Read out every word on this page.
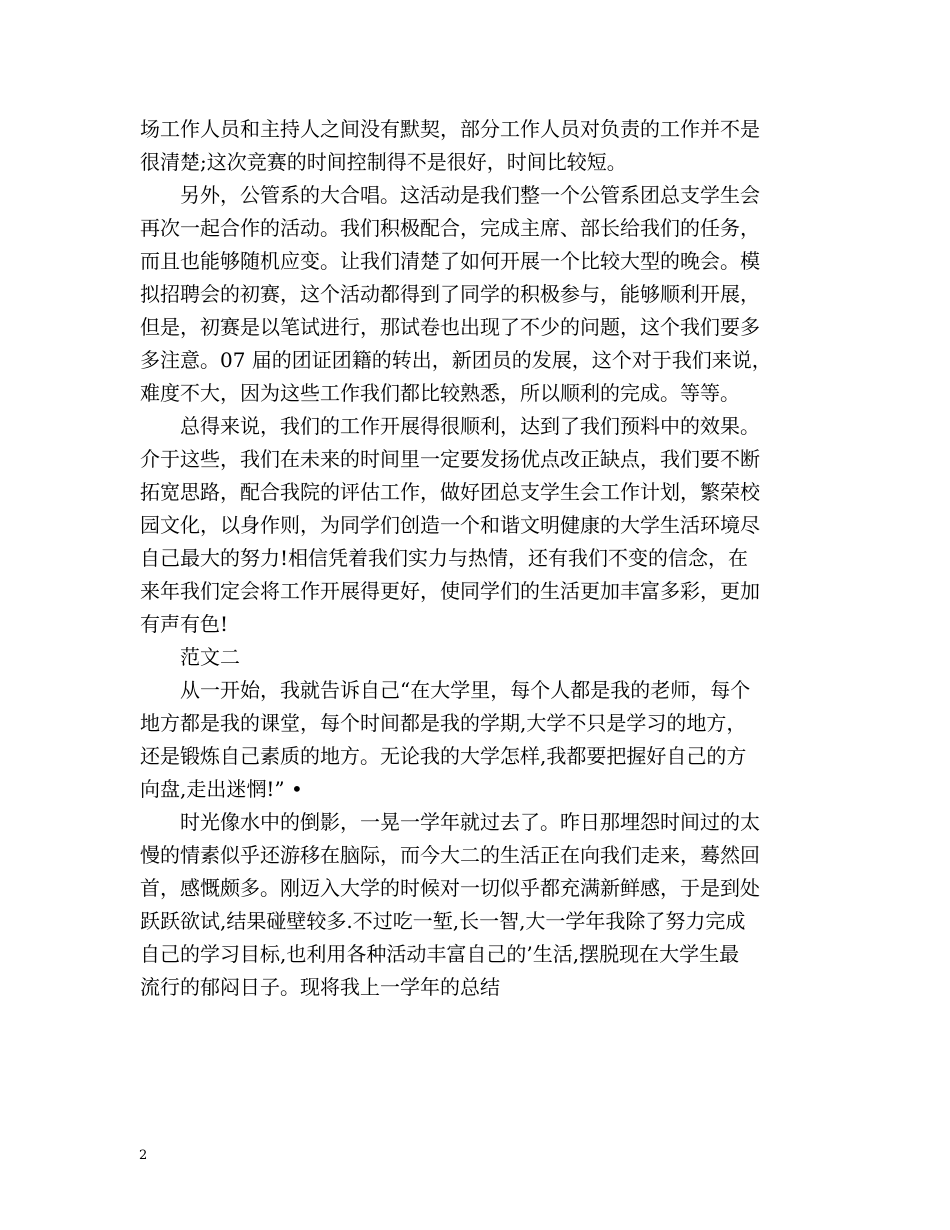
场工作人员和主持人之间没有默契，部分工作人员对负责的工作并不是
很清楚;这次竞赛的时间控制得不是很好，时间比较短。
另外，公管系的大合唱。这活动是我们整一个公管系团总支学生会
再次一起合作的活动。我们积极配合，完成主席、部长给我们的任务，
而且也能够随机应变。让我们清楚了如何开展一个比较大型的晚会。模
拟招聘会的初赛，这个活动都得到了同学的积极参与，能够顺利开展，
但是，初赛是以笔试进行，那试卷也出现了不少的问题，这个我们要多
多注意。07 届的团证团籍的转出，新团员的发展，这个对于我们来说，
难度不大，因为这些工作我们都比较熟悉，所以顺利的完成。等等。
总得来说，我们的工作开展得很顺利，达到了我们预料中的效果。
介于这些，我们在未来的时间里一定要发扬优点改正缺点，我们要不断
拓宽思路，配合我院的评估工作，做好团总支学生会工作计划，繁荣校
园文化，以身作则，为同学们创造一个和谐文明健康的大学生活环境尽
自己最大的努力!相信凭着我们实力与热情，还有我们不变的信念，在
来年我们定会将工作开展得更好，使同学们的生活更加丰富多彩，更加
有声有色!
范文二
从一开始，我就告诉自己“在大学里，每个人都是我的老师，每个
地方都是我的课堂，每个时间都是我的学期,大学不只是学习的地方，
还是锻炼自己素质的地方。无论我的大学怎样,我都要把握好自己的方
向盘,走出迷惘!” •
时光像水中的倒影，一晃一学年就过去了。昨日那埋怨时间过的太
慢的情素似乎还游移在脑际，而今大二的生活正在向我们走来，蓦然回
首，感慨颇多。刚迈入大学的时候对一切似乎都充满新鲜感，于是到处
跃跃欲试,结果碰壁较多.不过吃一堑,长一智,大一学年我除了努力完成
自己的学习目标,也利用各种活动丰富自己的’生活,摆脱现在大学生最
流行的郁闷日子。现将我上一学年的总结
2
